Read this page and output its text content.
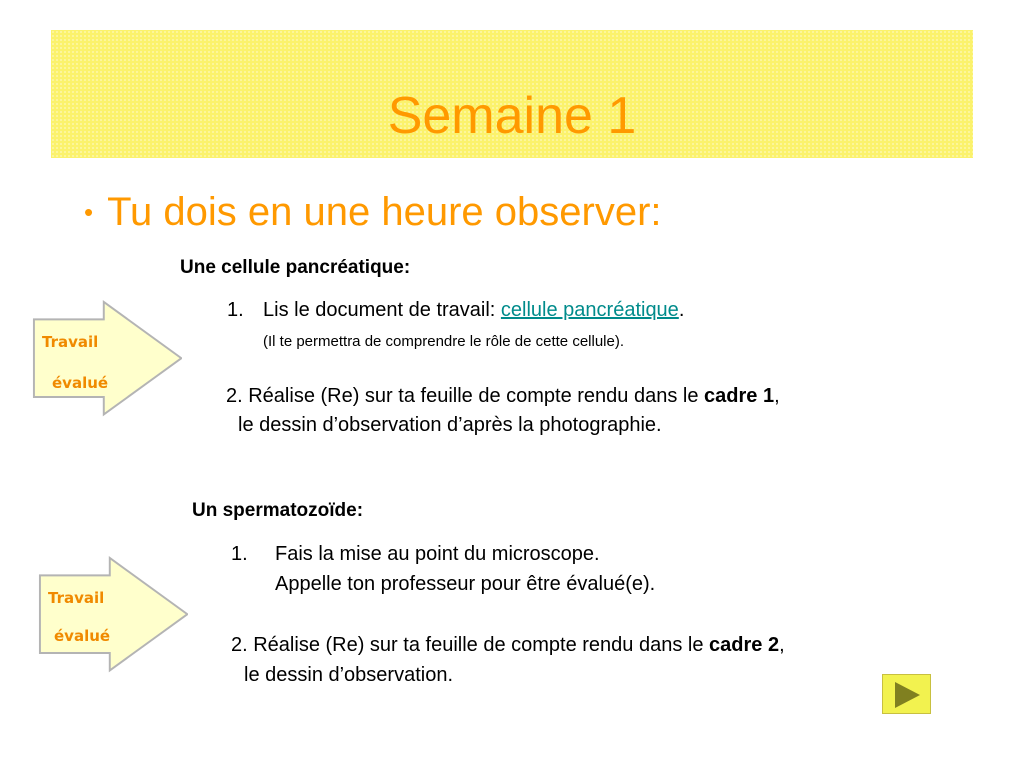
Semaine 1
• Tu dois en une heure observer:
Une cellule pancréatique:
1. Lis le document de travail: cellule pancréatique.
(Il te permettra de comprendre le rôle de cette cellule).
2. Réalise (Re) sur ta feuille de compte rendu dans le cadre 1,
le dessin d’observation d’après la photographie.
Un spermatozoïde:
1. Fais la mise au point du microscope.
Appelle ton professeur pour être évalué(e).
2. Réalise (Re) sur ta feuille de compte rendu dans le cadre 2,
le dessin d’observation.
Travail
évalué
Travail
évalué
